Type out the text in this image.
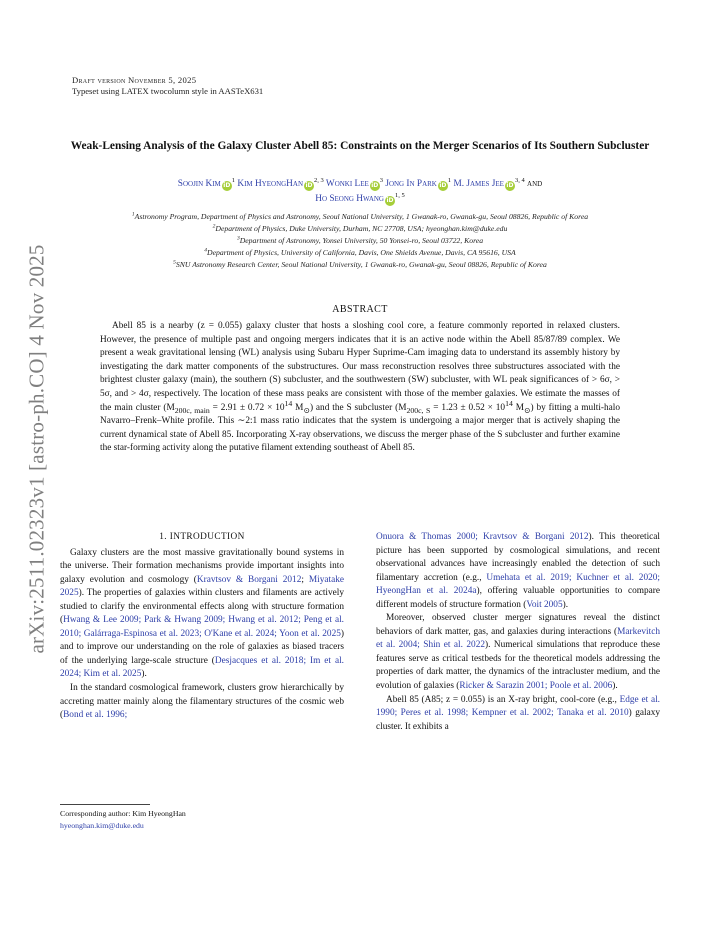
arXiv:2511.02323v1 [astro-ph.CO] 4 Nov 2025
Draft version November 5, 2025
Typeset using LATEX twocolumn style in AASTeX631
Weak-Lensing Analysis of the Galaxy Cluster Abell 85: Constraints on the Merger Scenarios of Its Southern Subcluster
Soojin Kim $iD^1$ Kim HyeongHan iD$^{2, 3}$ Wonki Lee $iD^3$ Jong In Park $iD^1$ M. James Jee iD$^{3, 4}$ and
Ho Seong Hwang iD$^{1, 5}$
$^1$Astronomy Program, Department of Physics and Astronomy, Seoul National University, 1 Gwanak-ro, Gwanak-gu, Seoul 08826, Republic of Korea
$^2$Department of Physics, Duke University, Durham, NC 27708, USA; hyeonghan.kim@duke.edu
$^3$Department of Astronomy, Yonsei University, 50 Yonsei-ro, Seoul 03722, Korea
$^4$Department of Physics, University of California, Davis, One Shields Avenue, Davis, CA 95616, USA
$^5$SNU Astronomy Research Center, Seoul National University, 1 Gwanak-ro, Gwanak-gu, Seoul 08826, Republic of Korea
ABSTRACT
Abell 85 is a nearby (z = 0.055) galaxy cluster that hosts a sloshing cool core, a feature commonly reported in relaxed clusters. However, the presence of multiple past and ongoing mergers indicates that it is an active node within the Abell 85/87/89 complex. We present a weak gravitational lensing (WL) analysis using Subaru Hyper Suprime-Cam imaging data to understand its assembly history by investigating the dark matter components of the substructures. Our mass reconstruction resolves three substructures associated with the brightest cluster galaxy (main), the southern (S) subcluster, and the southwestern (SW) subcluster, with WL peak significances of > 6σ, > 5σ, and > 4σ, respectively. The location of these mass peaks are consistent with those of the member galaxies. We estimate the masses of the main cluster ($M_{200c, main} = 2.91 \pm 0.72 \times 10^{14}$ $M_⊙$) and the S subcluster ($M_{200c, S} = 1.23 \pm 0.52 \times 10^{14}$ $M_⊙$) by fitting a multi-halo Navarro–Frenk–White profile. This ∼2:1 mass ratio indicates that the system is undergoing a major merger that is actively shaping the current dynamical state of Abell 85. Incorporating X-ray observations, we discuss the merger phase of the S subcluster and further examine the star-forming activity along the putative filament extending southeast of Abell 85.
1. INTRODUCTION

Galaxy clusters are the most massive gravitationally bound systems in the universe. Their formation mechanisms provide important insights into galaxy evolution and cosmology (Kravtsov & Borgani 2012; Miyatake 2025). The properties of galaxies within clusters and filaments are actively studied to clarify the environmental effects along with structure formation (Hwang & Lee 2009; Park & Hwang 2009; Hwang et al. 2012; Peng et al. 2010; Galárraga-Espinosa et al. 2023; O'Kane et al. 2024; Yoon et al. 2025) and to improve our understanding on the role of galaxies as biased tracers of the underlying large-scale structure (Desjacques et al. 2018; Im et al. 2024; Kim et al. 2025).

In the standard cosmological framework, clusters grow hierarchically by accreting matter mainly along the filamentary structures of the cosmic web (Bond et al. 1996;

Onuora & Thomas 2000; Kravtsov & Borgani 2012). This theoretical picture has been supported by cosmological simulations, and recent observational advances have increasingly enabled the detection of such filamentary accretion (e.g., Umehata et al. 2019; Kuchner et al. 2020; HyeongHan et al. 2024a), offering valuable opportunities to compare different models of structure formation (Voit 2005).

Moreover, observed cluster merger signatures reveal the distinct behaviors of dark matter, gas, and galaxies during interactions (Markevitch et al. 2004; Shin et al. 2022). Numerical simulations that reproduce these features serve as critical testbeds for the theoretical models addressing the properties of dark matter, the dynamics of the intracluster medium, and the evolution of galaxies (Ricker & Sarazin 2001; Poole et al. 2006).

Abell 85 (A85; z = 0.055) is an X-ray bright, cool-core (e.g., Edge et al. 1990; Peres et al. 1998; Kempner et al. 2002; Tanaka et al. 2010) galaxy cluster. It exhibits a

Corresponding author: Kim HyeongHan
hyeonghan.kim@duke.edu
